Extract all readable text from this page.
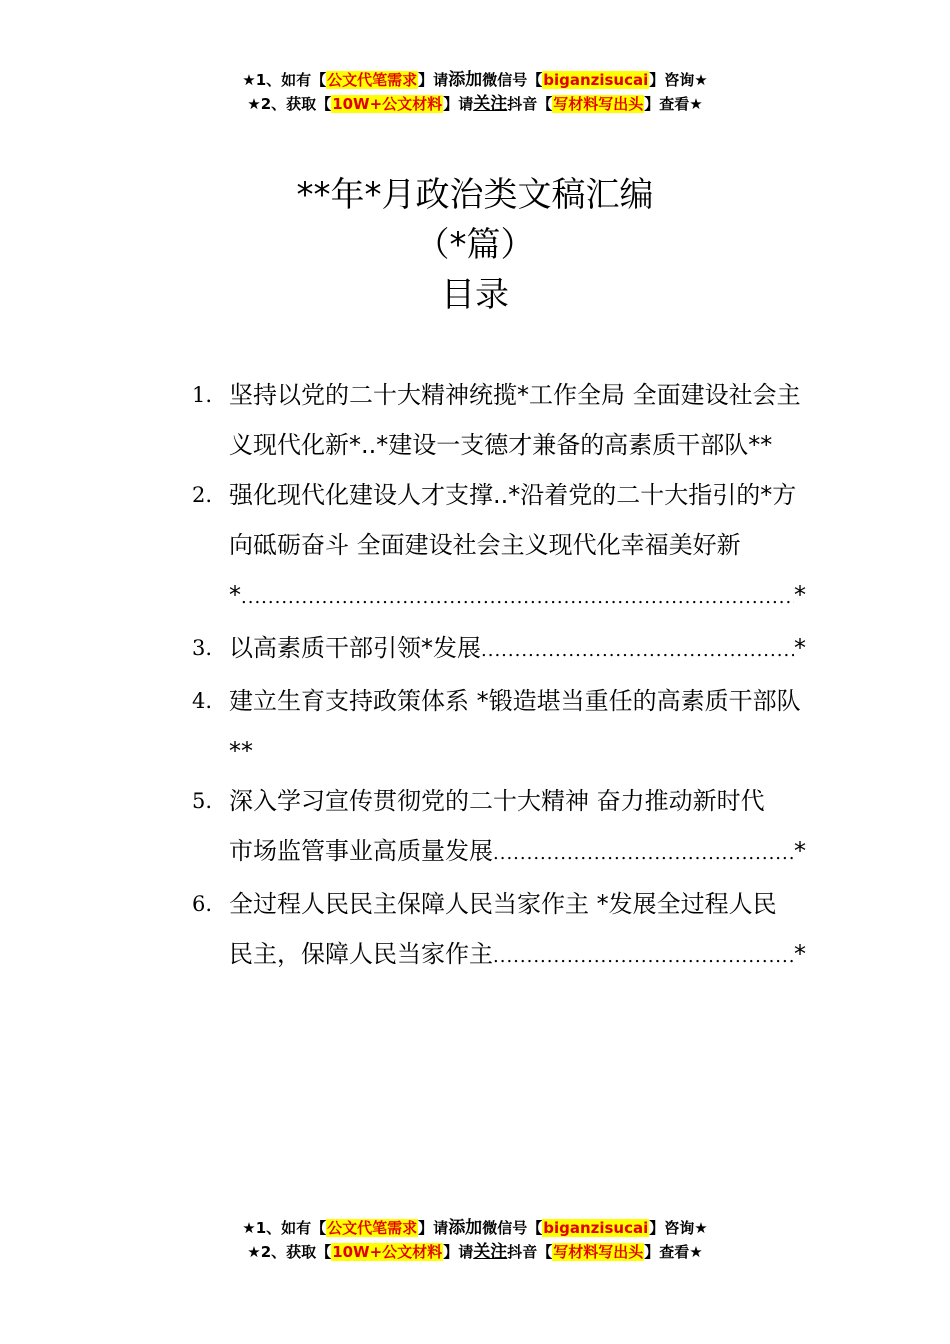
★1、如有【公文代笔需求】请添加微信号【biganzisucai】咨询★
★2、获取【10W+公文材料】请关注抖音【写材料写出头】查看★
**年*月政治类文稿汇编
（*篇）
目录
1. 坚持以党的二十大精神统揽*工作全局 全面建设社会主义现代化新*..*建设一支德才兼备的高素质干部队**
2. 强化现代化建设人才支撑..*沿着党的二十大指引的*方向砥砺奋斗 全面建设社会主义现代化幸福美好新
* .....	*
3. 以高素质干部引领*发展 .....	*
4. 建立生育支持政策体系 *锻造堪当重任的高素质干部队**
5. 深入学习宣传贯彻党的二十大精神 奋力推动新时代
市场监管事业高质量发展 .....	*
6. 全过程人民民主保障人民当家作主 *发展全过程人民
民主，保障人民当家作主 .....	*
★1、如有【公文代笔需求】请添加微信号【biganzisucai】咨询★
★2、获取【10W+公文材料】请关注抖音【写材料写出头】查看★
